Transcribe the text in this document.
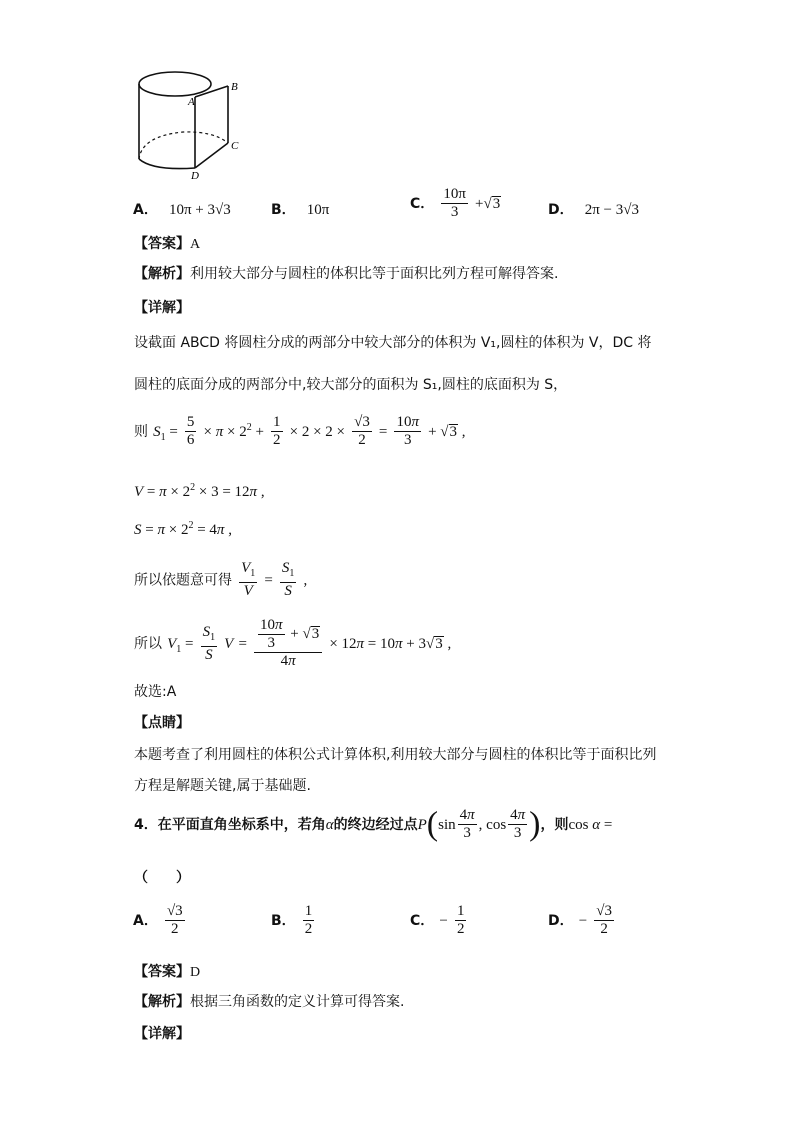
A
B
C
D
A． 10π + 3√3	B． 10π	C． $\frac{10\pi}{3} +√3$	D． 2π − 3√3
【答案】A
【解析】利用较大部分与圆柱的体积比等于面积比列方程可解得答案.
【详解】
设截面 ABCD 将圆柱分成的两部分中较大部分的体积为 V₁,圆柱的体积为 V，DC 将
圆柱的底面分成的两部分中,较大部分的面积为 S₁,圆柱的底面积为 S，
则 $S_1 = \frac{5}{6} \times \pi \times 2^2 + \frac{1}{2} \times 2 \times 2 \times \frac{√3}{2} = \frac{10\pi}{3} + √3$ ,
$V = \pi \times 2^2 \times 3 = 12\pi$ ,
$S = \pi \times 2^2 = 4\pi$ ,
所以依题意可得 $\frac{V_1}{V} = \frac{S_1}{S}$ ,
所以 $V_1 = \frac{S_1}{S}$ $V = \frac{\frac{10\pi}{3} + √3}{4\pi} \times 12\pi = 10\pi + 3√3$ ,
故选:A
【点睛】
本题考查了利用圆柱的体积公式计算体积,利用较大部分与圆柱的体积比等于面积比列
方程是解题关键,属于基础题.
4．在平面直角坐标系中，若角α的终边经过点$P(\sin \frac{4\pi}{3}$ , $\cos \frac{4\pi}{3}$ )，则cos α =
（　　）
A． $\frac{√3}{2}$	B． $\frac{1}{2}$	C． − $\frac{1}{2}$	D． − $\frac{√3}{2}$
【答案】D
【解析】根据三角函数的定义计算可得答案.
【详解】
